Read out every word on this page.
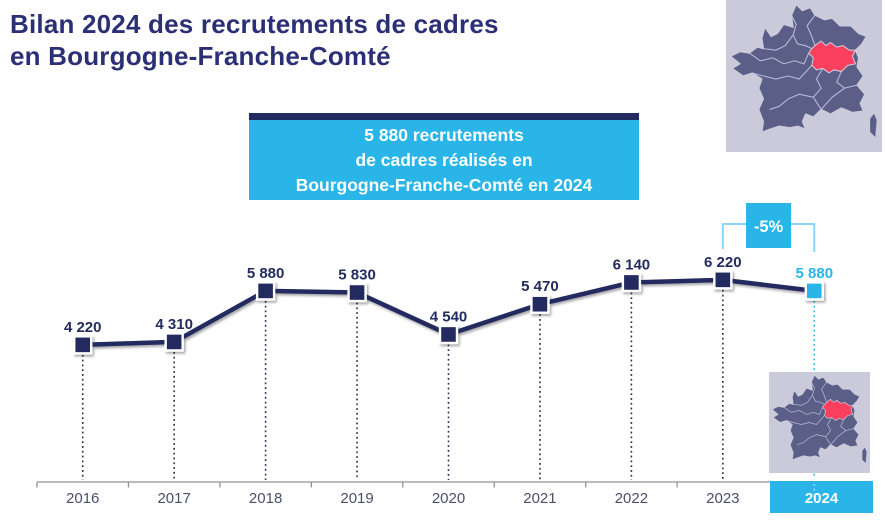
Bilan 2024 des recrutements de cadres
en Bourgogne-Franche-Comté
5 880 recrutements
de cadres réalisés en
Bourgogne-Franche-Comté en 2024
2016	2017	2018	2019	2020	2021	2022	2023
-5%
4 220	4 310
5 880	5 830
4 540
5 470
6 140	6 220
5 880
2024
